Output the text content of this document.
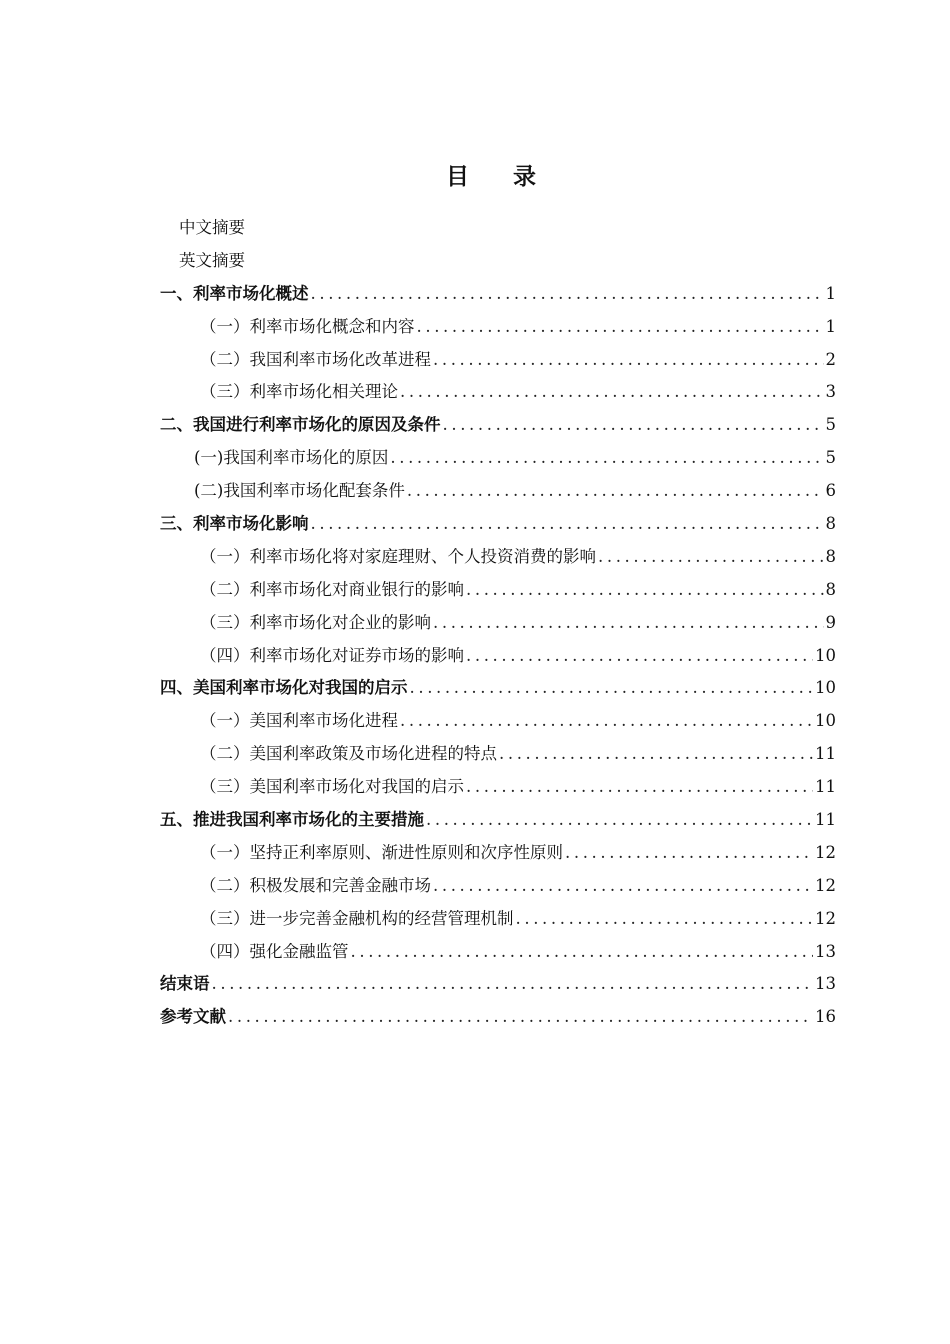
目 录
中文摘要
英文摘要
一、利率市场化概述 .....	1
（一）利率市场化概念和内容 .....	1
（二）我国利率市场化改革进程 .....	2
（三）利率市场化相关理论 .....	3
二、我国进行利率市场化的原因及条件 .....	5
(一)我国利率市场化的原因 .....	5
(二)我国利率市场化配套条件 .....	6
三、利率市场化影响 .....	8
（一）利率市场化将对家庭理财、个人投资消费的影响 .....	8
（二）利率市场化对商业银行的影响 .....	8
（三）利率市场化对企业的影响 .....	9
（四）利率市场化对证券市场的影响 .....	10
四、美国利率市场化对我国的启示 .....	10
（一）美国利率市场化进程 .....	10
（二）美国利率政策及市场化进程的特点 .....	11
（三）美国利率市场化对我国的启示 .....	11
五、推进我国利率市场化的主要措施 .....	11
（一）坚持正利率原则、渐进性原则和次序性原则 .....	12
（二）积极发展和完善金融市场 .....	12
（三）进一步完善金融机构的经营管理机制 .....	12
（四）强化金融监管 .....	13
结束语 .....	13
参考文献 .....	16
